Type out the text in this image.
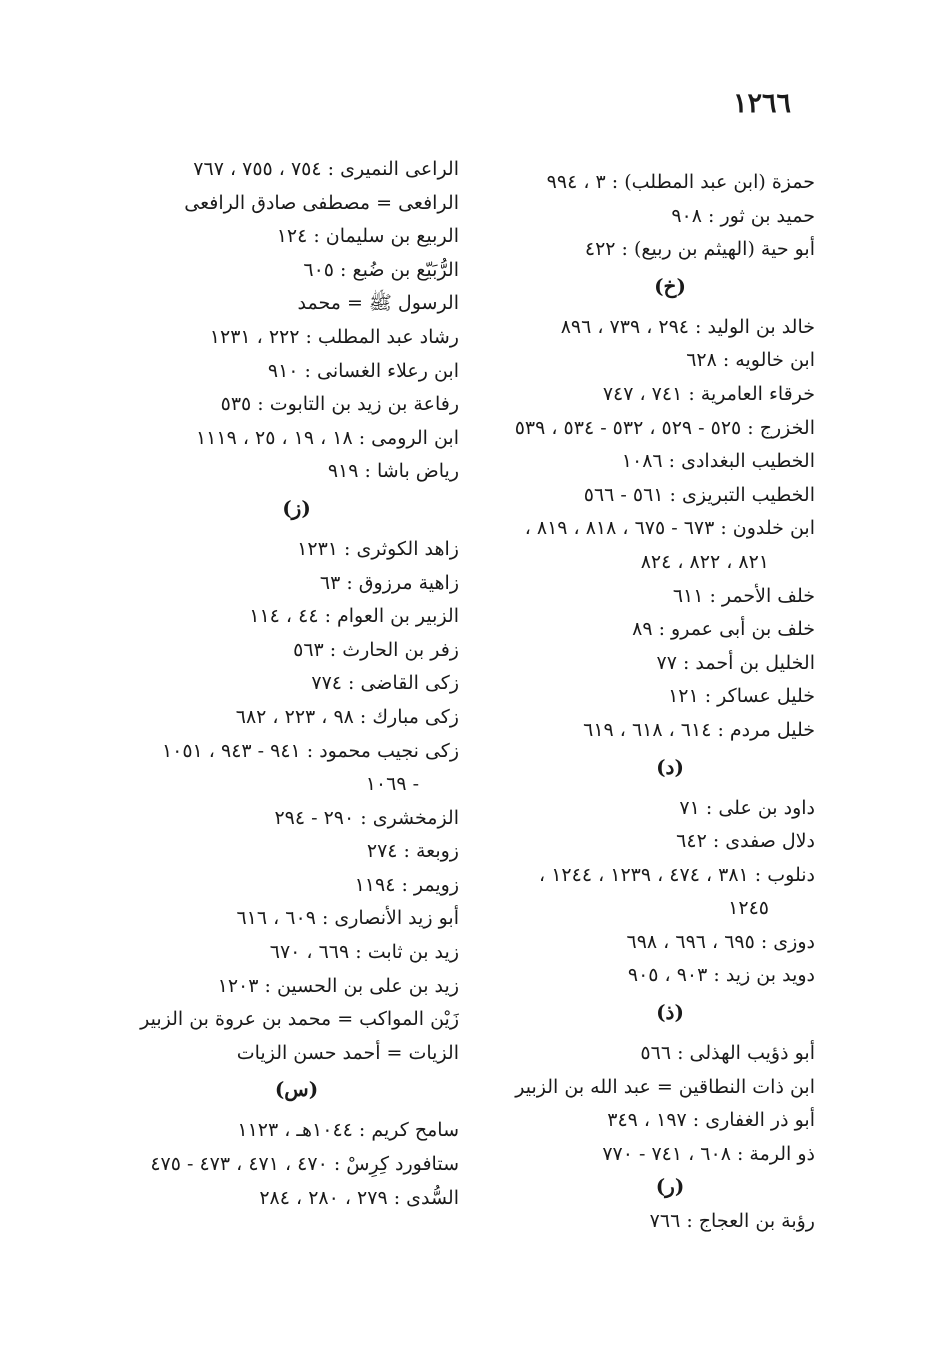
١٢٦٦
حمزة (ابن عبد المطلب) : ٣ ، ٩٩٤
حميد بن ثور : ٩٠٨
أبو حية (الهيثم بن ربيع) : ٤٢٢
(خ)
خالد بن الوليد : ٢٩٤ ، ٧٣٩ ، ٨٩٦
ابن خالويه : ٦٢٨
خرقاء العامرية : ٧٤١ ، ٧٤٧
الخزرج : ٥٢٥ - ٥٢٩ ، ٥٣٢ - ٥٣٤ ، ٥٣٩
الخطيب البغدادى : ١٠٨٦
الخطيب التبريزى : ٥٦١ - ٥٦٦
ابن خلدون : ٦٧٣ - ٦٧٥ ، ٨١٨ ، ٨١٩ ،
٨٢١ ، ٨٢٢ ، ٨٢٤
خلف الأحمر : ٦١١
خلف بن أبى عمرو : ٨٩
الخليل بن أحمد : ٧٧
خليل عساكر : ١٢١
خليل مردم : ٦١٤ ، ٦١٨ ، ٦١٩
(د)
داود بن على : ٧١
دلال صفدى : ٦٤٢
دنلوب : ٣٨١ ، ٤٧٤ ، ١٢٣٩ ، ١٢٤٤ ،
١٢٤٥
دوزى : ٦٩٥ ، ٦٩٦ ، ٦٩٨
دويد بن زيد : ٩٠٣ ، ٩٠٥
(ذ)
أبو ذؤيب الهذلى : ٥٦٦
ابن ذات النطاقين = عبد الله بن الزبير
أبو ذر الغفارى : ١٩٧ ، ٣٤٩
ذو الرمة : ٦٠٨ ، ٧٤١ - ٧٧٠
(ر)
رؤبة بن العجاج : ٧٦٦
الراعى النميرى : ٧٥٤ ، ٧٥٥ ، ٧٦٧
الرافعى = مصطفى صادق الرافعى
الربيع بن سليمان : ١٢٤
الرُّبَيّع بن ضُبع : ٦٠٥
الرسول ﷺ = محمد
رشاد عبد المطلب : ٢٢٢ ، ١٢٣١
ابن رعلاء الغسانى : ٩١٠
رفاعة بن زيد بن التابوت : ٥٣٥
ابن الرومى : ١٨ ، ١٩ ، ٢٥ ، ١١١٩
رياض باشا : ٩١٩
(ز)
زاهد الكوثرى : ١٢٣١
زاهية مرزوق : ٦٣
الزبير بن العوام : ٤٤ ، ١١٤
زفر بن الحارث : ٥٦٣
زكى القاضى : ٧٧٤
زكى مبارك : ٩٨ ، ٢٢٣ ، ٦٨٢
زكى نجيب محمود : ٩٤١ - ٩٤٣ ، ١٠٥١
- ١٠٦٩
الزمخشرى : ٢٩٠ - ٢٩٤
زوبعة : ٢٧٤
زويمر : ١١٩٤
أبو زيد الأنصارى : ٦٠٩ ، ٦١٦
زيد بن ثابت : ٦٦٩ ، ٦٧٠
زيد بن على بن الحسين : ١٢٠٣
زَيْن المواكب = محمد بن عروة بن الزبير
الزيات = أحمد حسن الزيات
(س)
سامح كريم : ١٠٤٤هـ ، ١١٢٣
ستافورد كِرِسْ : ٤٧٠ ، ٤٧١ ، ٤٧٣ - ٤٧٥
السُّدى : ٢٧٩ ، ٢٨٠ ، ٢٨٤
